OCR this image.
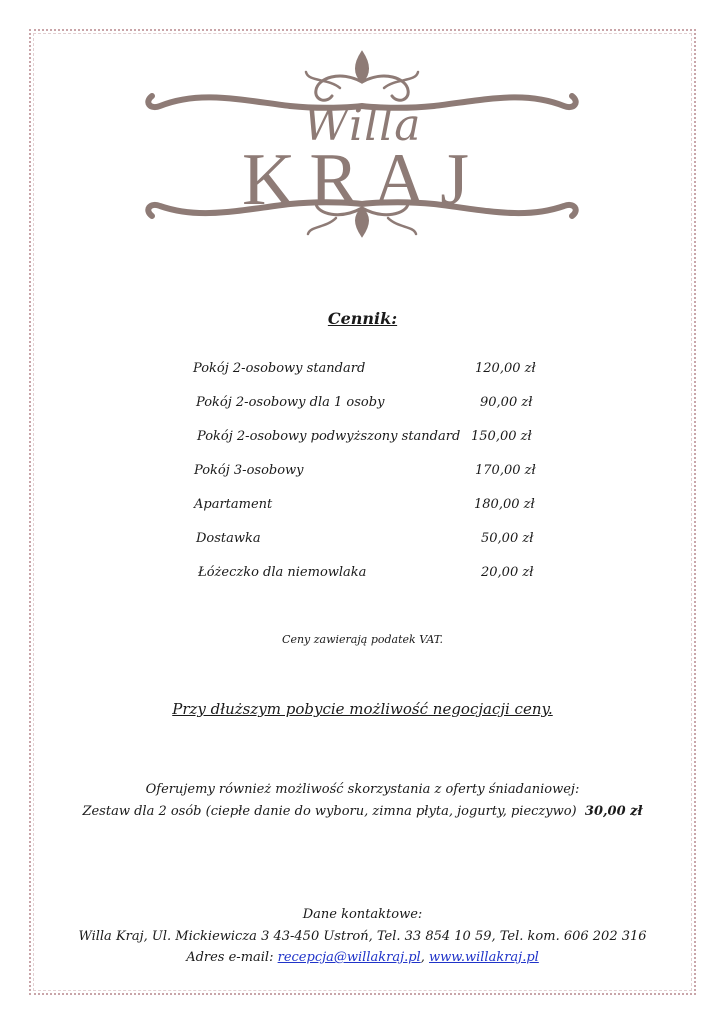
Willa
KRAJ
Cennik:
Pokój 2-osobowy standard	120,00 zł
Pokój 2-osobowy dla 1 osoby	90,00 zł
Pokój 2-osobowy podwyższony standard 150,00 zł
Pokój 3-osobowy	170,00 zł
Apartament	180,00 zł
Dostawka	50,00 zł
Łóżeczko dla niemowlaka	20,00 zł
Ceny zawierają podatek VAT.
Przy dłuższym pobycie możliwość negocjacji ceny.
Oferujemy również możliwość skorzystania z oferty śniadaniowej:
Zestaw dla 2 osób (ciepłe danie do wyboru, zimna płyta, jogurty, pieczywo) 30,00 zł
Dane kontaktowe:
Willa Kraj, Ul. Mickiewicza 3 43-450 Ustroń, Tel. 33 854 10 59, Tel. kom. 606 202 316
Adres e-mail: recepcja@willakraj.pl, www.willakraj.pl
